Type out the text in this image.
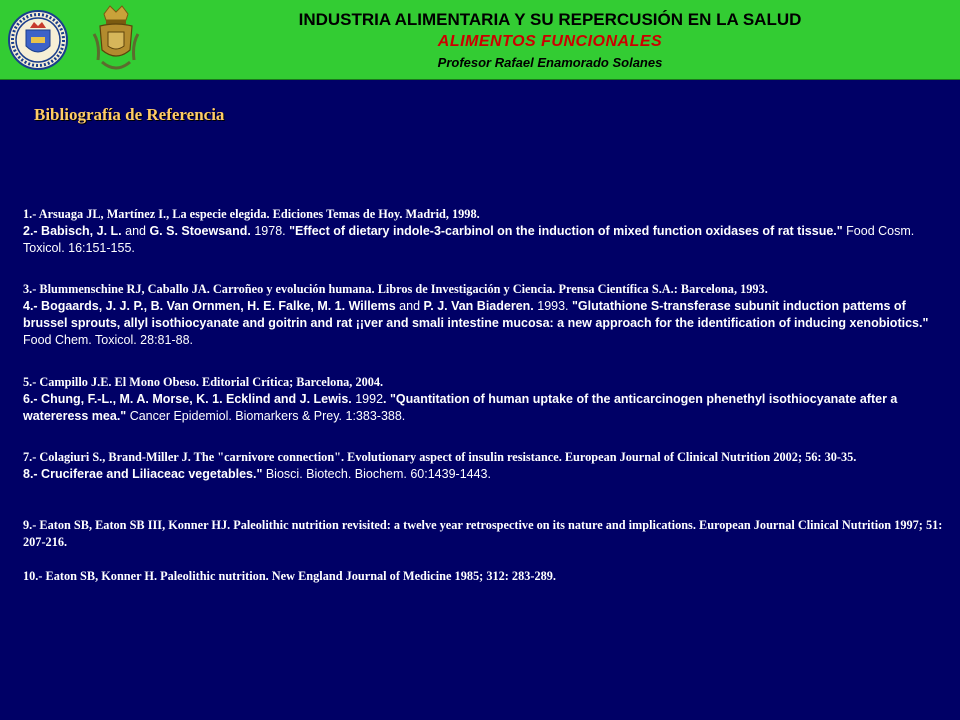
INDUSTRIA ALIMENTARIA Y SU REPERCUSIÓN EN LA SALUD
ALIMENTOS FUNCIONALES
Profesor Rafael Enamorado Solanes
Bibliografía de Referencia

1.- Arsuaga JL, Martínez I., La especie elegida. Ediciones Temas de Hoy. Madrid, 1998.

2.- Babisch, J. L. and G. S. Stoewsand. 1978. "Effect of dietary indole-3-carbinol on the induction of mixed function oxidases of rat tissue." Food Cosm. Toxicol. 16:151-155.

3.- Blummenschine RJ, Caballo JA. Carroñeo y evolución humana. Libros de Investigación y Ciencia. Prensa Científica S.A.: Barcelona, 1993.

4.- Bogaards, J. J. P., B. Van Ornmen, H. E. Falke, M. 1. Willems and P. J. Van Biaderen. 1993. "Glutathione S-transferase subunit induction pattems of brussel sprouts, allyl isothiocyanate and goitrin and rat ¡¡ver and smali intestine mucosa: a new approach for the identification of inducing xenobiotics." Food Chem. Toxicol. 28:81-88.

5.- Campillo J.E. El Mono Obeso. Editorial Crítica; Barcelona, 2004.

6.- Chung, F.-L., M. A. Morse, K. 1. Ecklind and J. Lewis. 1992. "Quantitation of human uptake of the anticarcinogen phenethyl isothiocyanate after a watereress mea." Cancer Epidemiol. Biomarkers & Prey. 1:383-388.

7.- Colagiuri S., Brand-Miller J. The "carnivore connection". Evolutionary aspect of insulin resistance. European Journal of Clinical Nutrition 2002; 56: 30-35.

8.- Cruciferae and Liliaceac vegetables." Biosci. Biotech. Biochem. 60:1439-1443.

9.- Eaton SB, Eaton SB III, Konner HJ. Paleolithic nutrition revisited: a twelve year retrospective on its nature and implications. European Journal Clinical Nutrition 1997; 51: 207-216.

10.- Eaton SB, Konner H. Paleolithic nutrition. New England Journal of Medicine 1985; 312: 283-289.
